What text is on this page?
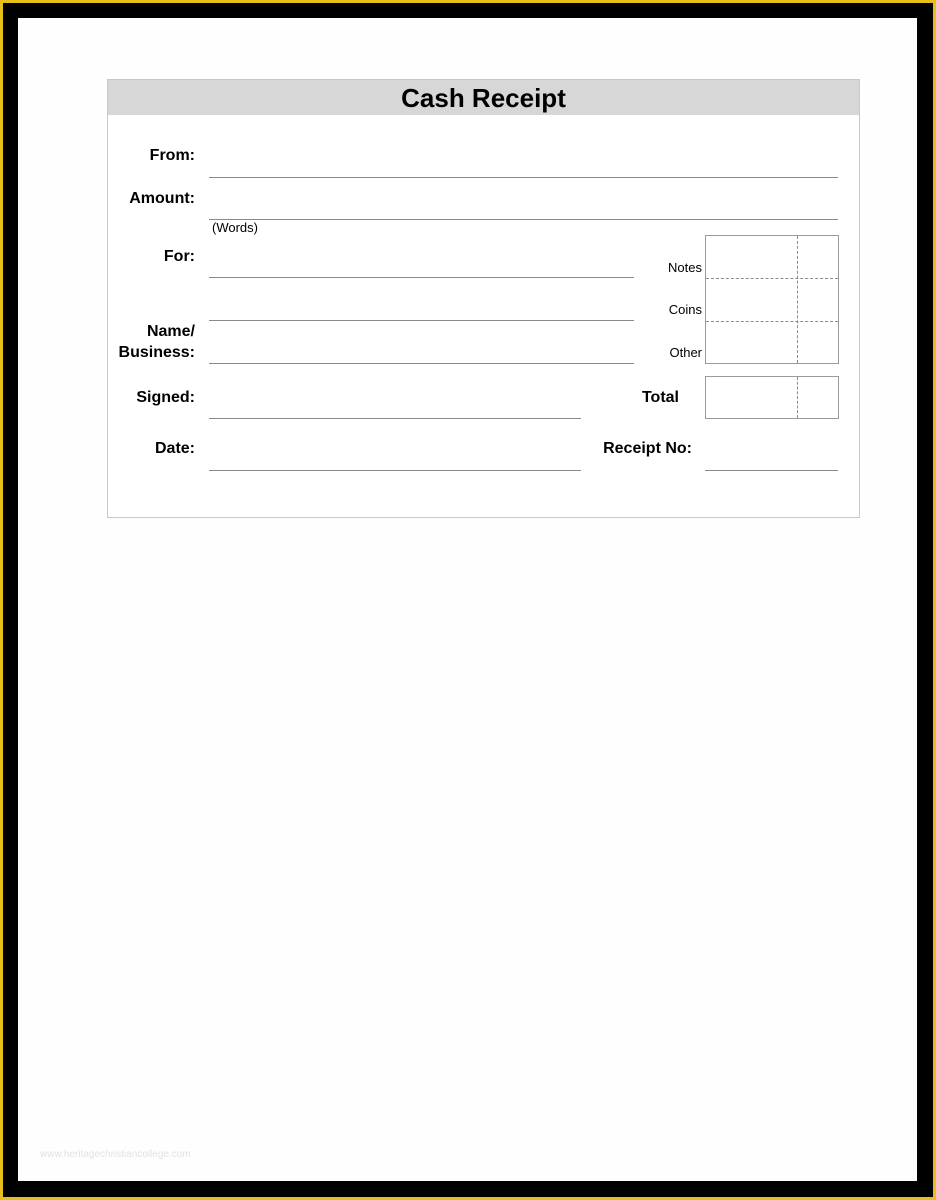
Cash Receipt
From:
Amount:
(Words)
For:
Name/
Business:
Notes
Coins
Other
Signed:	Total
Date:	Receipt No:
www.heritagechristiancollege.com
